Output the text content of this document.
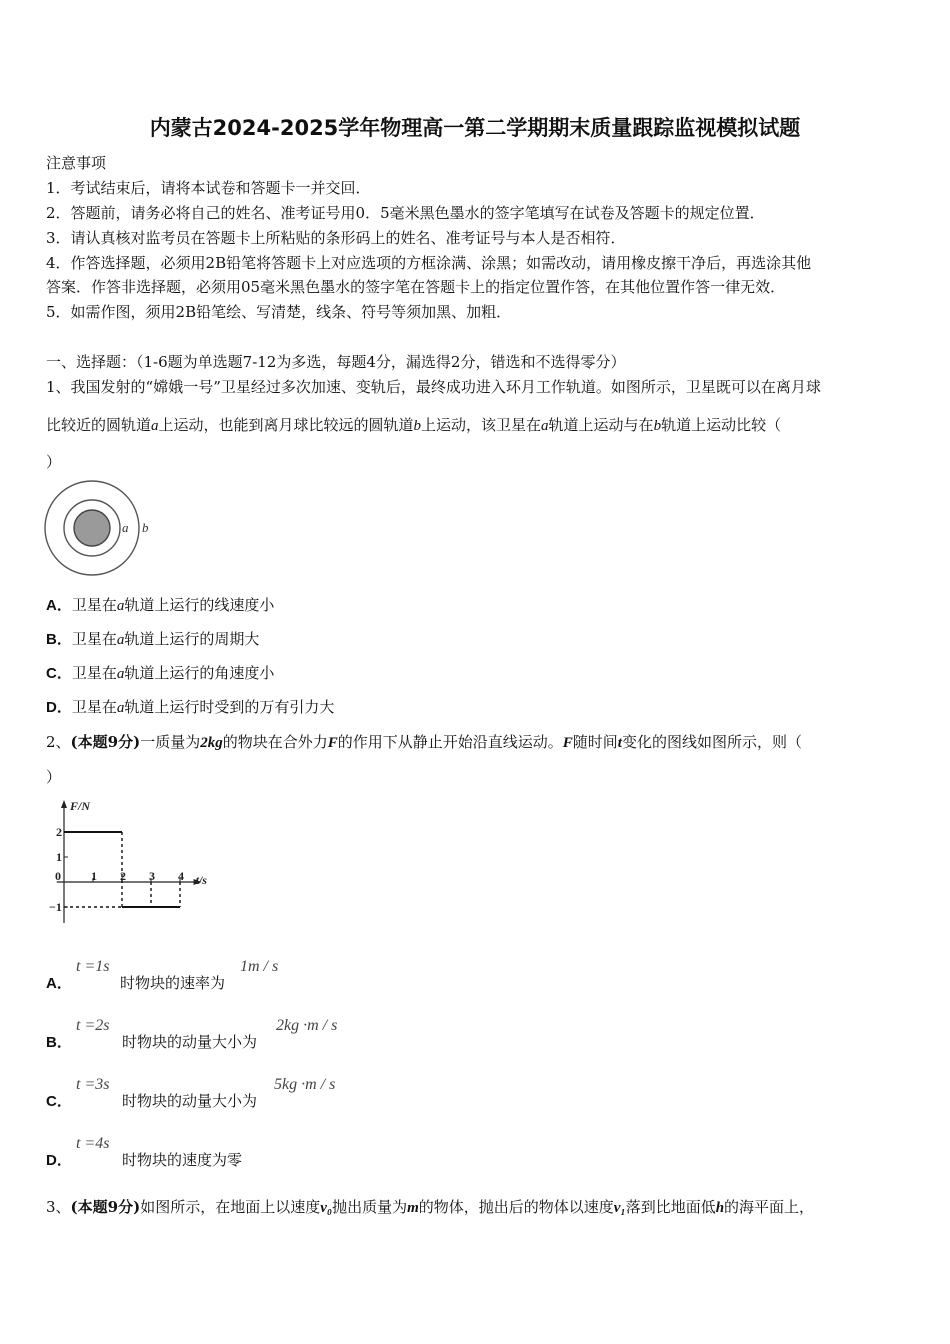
内蒙古2024-2025学年物理高一第二学期期末质量跟踪监视模拟试题
注意事项
1．考试结束后，请将本试卷和答题卡一并交回．
2．答题前，请务必将自己的姓名、准考证号用0．5毫米黑色墨水的签字笔填写在试卷及答题卡的规定位置．
3．请认真核对监考员在答题卡上所粘贴的条形码上的姓名、准考证号与本人是否相符．
4．作答选择题，必须用2B铅笔将答题卡上对应选项的方框涂满、涂黑；如需改动，请用橡皮擦干净后，再选涂其他
答案．作答非选择题，必须用05毫米黑色墨水的签字笔在答题卡上的指定位置作答，在其他位置作答一律无效．
5．如需作图，须用2B铅笔绘、写清楚，线条、符号等须加黑、加粗．
一、选择题：（1-6题为单选题7-12为多选，每题4分，漏选得2分，错选和不选得零分）
1、我国发射的“嫦娥一号”卫星经过多次加速、变轨后，最终成功进入环月工作轨道。如图所示，卫星既可以在离月球
比较近的圆轨道a上运动，也能到离月球比较远的圆轨道b上运动，该卫星在a轨道上运动与在b轨道上运动比较（
）
a b
A．卫星在a轨道上运行的线速度小
B．卫星在a轨道上运行的周期大
C．卫星在a轨道上运行的角速度小
D．卫星在a轨道上运行时受到的万有引力大
2、(本题9分)一质量为2kg的物块在合外力F的作用下从静止开始沿直线运动。F随时间t变化的图线如图所示，则（
）
0	1 2 3 4
2
1
−1
F/N
t/s
A．
t =1s
时物块的速率为
1m / s
B．
t =2s
时物块的动量大小为
2kg ·m / s
C．
t =3s
时物块的动量大小为
5kg ·m / s
D．
t =4s
时物块的速度为零
3、(本题9分)如图所示，在地面上以速度v₀抛出质量为m的物体，抛出后的物体以速度v₁落到比地面低h的海平面上，
